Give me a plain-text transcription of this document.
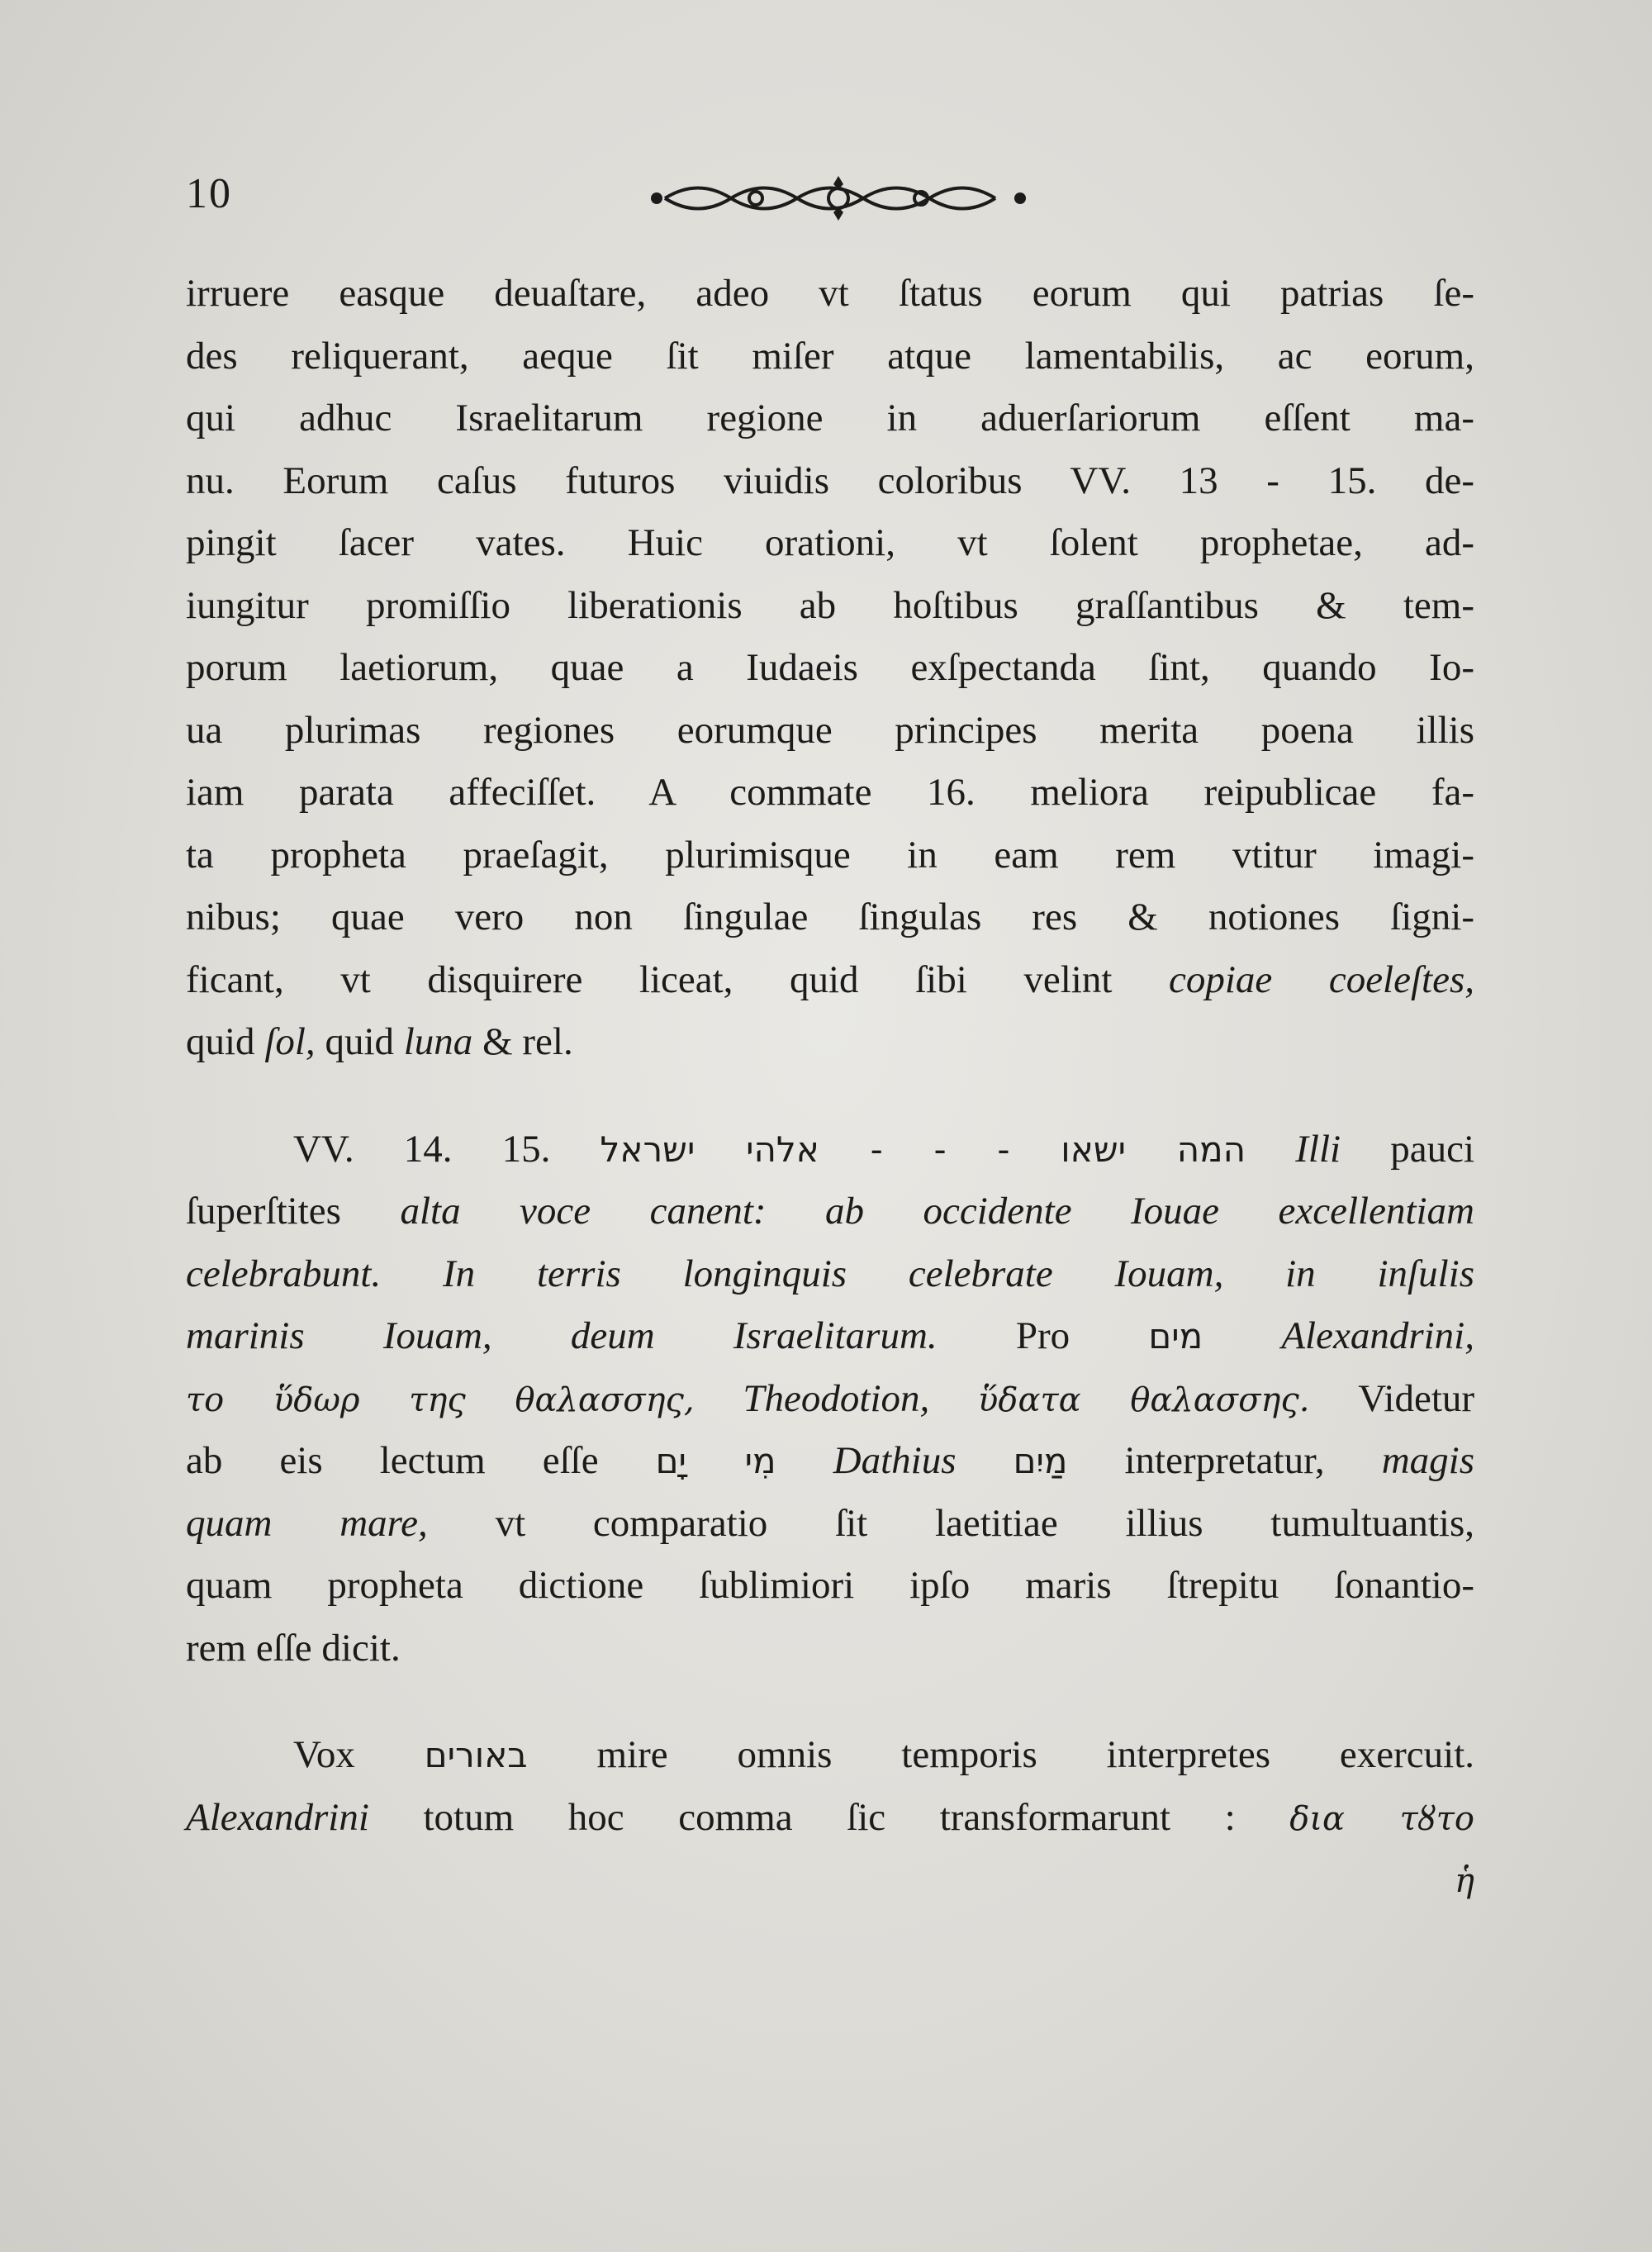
10
irruere easque deuaſtare, adeo vt ſtatus eorum qui patrias ſe-
des reliquerant, aeque ſit miſer atque lamentabilis, ac eorum,
qui adhuc Israelitarum regione in aduerſariorum eſſent ma-
nu. Eorum caſus futuros viuidis coloribus VV. 13 - 15. de-
pingit ſacer vates. Huic orationi, vt ſolent prophetae, ad-
iungitur promiſſio liberationis ab hoſtibus graſſantibus & tem-
porum laetiorum, quae a Iudaeis exſpectanda ſint, quando Io-
ua plurimas regiones eorumque principes merita poena illis
iam parata affeciſſet. A commate 16. meliora reipublicae fa-
ta propheta praeſagit, plurimisque in eam rem vtitur imagi-
nibus; quae vero non ſingulae ſingulas res & notiones ſigni-
ficant, vt disquirere liceat, quid ſibi velint copiae coeleſtes,
quid ſol, quid luna & rel.
VV. 14. 15. המה ישאו - - - אלהי ישראל Illi pauci
ſuperſtites alta voce canent: ab occidente Iouae excellentiam
celebrabunt. In terris longinquis celebrate Iouam, in inſulis
marinis Iouam, deum Israelitarum. Pro מים Alexandrini,
το ὕδωρ της θαλασσης, Theodotion, ὕδατα θαλασσης. Videtur
ab eis lectum eſſe מִי יָם Dathius מַיִם interpretatur, magis
quam mare, vt comparatio ſit laetitiae illius tumultuantis,
quam propheta dictione ſublimiori ipſo maris ſtrepitu ſonantio-
rem eſſe dicit.
Vox באורים mire omnis temporis interpretes exercuit.
Alexandrini totum hoc comma ſic transformarunt : δια τȣτο
ἡ
